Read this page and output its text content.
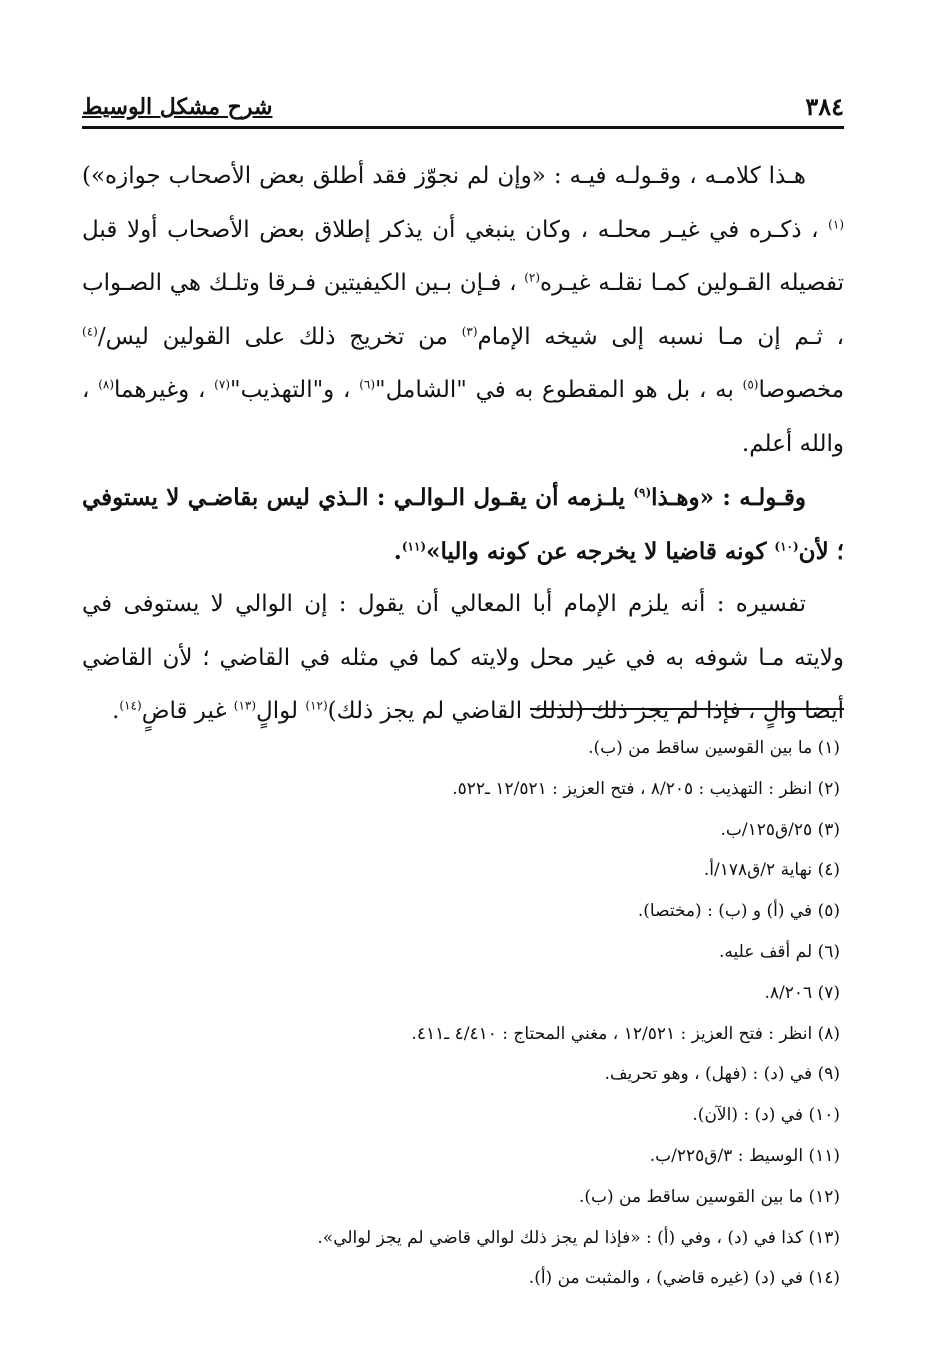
٣٨٤
شرح مشكل الوسيط

هـذا كلامـه ، وقـولـه فيـه : «وإن لم نجوّز فقد أطلق بعض الأصحاب جوازه»)$^{(١)}$ ، ذكـره في غيـر محلـه ، وكان ينبغي أن يذكر إطلاق بعض الأصحاب أولا قبل تفصيله القـولين كمـا نقلـه غيـره$^{(٢)}$ ، فـإن بـين الكيفيتين فـرقا وتلـك هي الصـواب ، ثـم إن مـا نسبه إلى شيخه الإمام$^{(٣)}$ من تخريج ذلك على القولين ليس/$^{(٤)}$ مخصوصا$^{(٥)}$ به ، بل هو المقطوع به في "الشامل"$^{(٦)}$ ، و"التهذيب"$^{(٧)}$ ، وغيرهما$^{(٨)}$ ، والله أعلم.

وقـولـه : «وهـذا$^{(٩)}$ يلـزمه أن يقـول الـوالـي : الـذي ليس بقاضـي لا يستوفي ؛ لأن$^{(١٠)}$ كونه قاضيا لا يخرجه عن كونه واليا»$^{(١١)}$.

تفسيره : أنه يلزم الإمام أبا المعالي أن يقول : إن الوالي لا يستوفى في ولايته مـا شوفه به في غير محل ولايته كما في مثله في القاضي ؛ لأن القاضي أيضا والٍ ، فإذا لم يجز ذلك (لذلك القاضي لم يجز ذلك)$^{(١٢)}$ لوالٍ$^{(١٣)}$ غير قاضٍ$^{(١٤)}$.

(١) ما بين القوسين ساقط من (ب).
(٢) انظر : التهذيب : ٨/٢٠٥ ، فتح العزيز : ١٢/٥٢١ ـ٥٢٢.
(٣) ٢٥/ق١٢٥/ب.
(٤) نهاية ٢/ق١٧٨/أ.
(٥) في (أ) و (ب) : (مختصا).
(٦) لم أقف عليه.
(٧) ٨/٢٠٦.
(٨) انظر : فتح العزيز : ١٢/٥٢١ ، مغني المحتاج : ٤/٤١٠ ـ٤١١.
(٩) في (د) : (فهل) ، وهو تحريف.
(١٠) في (د) : (الآن).
(١١) الوسيط : ٣/ق٢٢٥/ب.
(١٢) ما بين القوسين ساقط من (ب).
(١٣) كذا في (د) ، وفي (أ) : «فإذا لم يجز ذلك لوالي قاضي لم يجز لوالي».
(١٤) في (د) (غيره قاضي) ، والمثبت من (أ).
